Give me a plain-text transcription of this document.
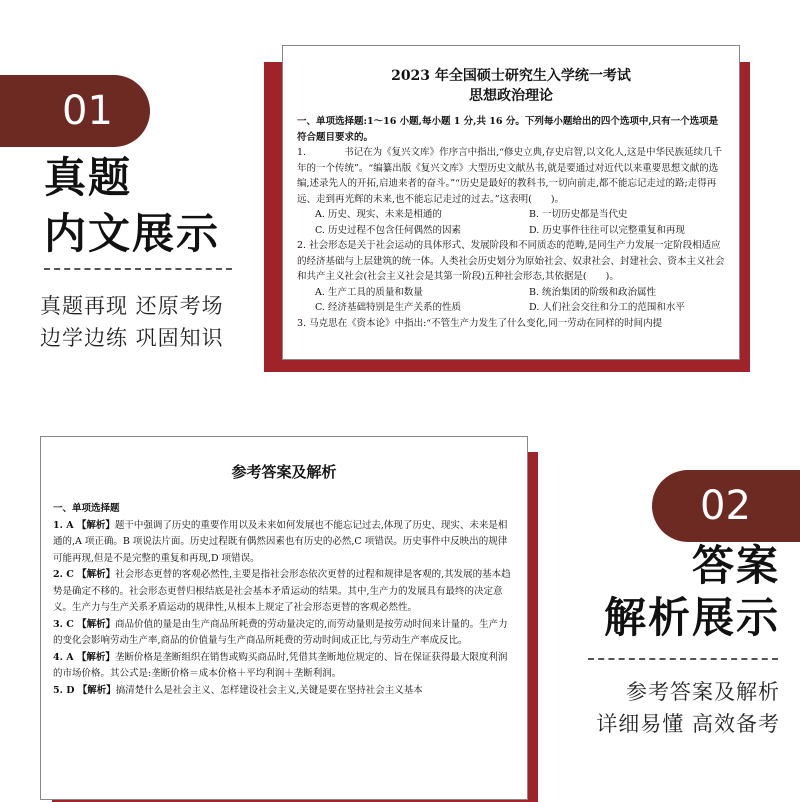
01
真题
内文展示
真题再现 还原考场
边学边练 巩固知识
2023 年全国硕士研究生入学统一考试
思想政治理论

一、单项选择题:1～16 小题,每小题 1 分,共 16 分。下列每小题给出的四个选项中,只有一个选项是符合题目要求的。

1.　　　　书记在为《复兴文库》作序言中指出,“修史立典,存史启智,以文化人,这是中华民族延续几千年的一个传统”。“编纂出版《复兴文库》大型历史文献丛书,就是要通过对近代以来重要思想文献的选编,述录先人的开拓,启迪来者的奋斗。”“历史是最好的教科书,一切向前走,都不能忘记走过的路;走得再远、走到再光辉的未来,也不能忘记走过的过去。”这表明(　　)。

A. 历史、现实、未来是相通的	B. 一切历史都是当代史
C. 历史过程不包含任何偶然的因素	D. 历史事件往往可以完整重复和再现

2. 社会形态是关于社会运动的具体形式、发展阶段和不同质态的范畴,是同生产力发展一定阶段相适应的经济基础与上层建筑的统一体。人类社会历史划分为原始社会、奴隶社会、封建社会、资本主义社会和共产主义社会(社会主义社会是其第一阶段)五种社会形态,其依据是(　　)。

A. 生产工具的质量和数量	B. 统治集团的阶级和政治属性
C. 经济基础特别是生产关系的性质	D. 人们社会交往和分工的范围和水平

3. 马克思在《资本论》中指出:“不管生产力发生了什么变化,同一劳动在同样的时间内提

参考答案及解析

一、单项选择题

1. A 【解析】题干中强调了历史的重要作用以及未来如何发展也不能忘记过去,体现了历史、现实、未来是相通的,A 项正确。B 项说法片面。历史过程既有偶然因素也有历史的必然,C 项错误。历史事件中反映出的规律可能再现,但是不是完整的重复和再现,D 项错误。

2. C 【解析】社会形态更替的客观必然性,主要是指社会形态依次更替的过程和规律是客观的,其发展的基本趋势是确定不移的。社会形态更替归根结底是社会基本矛盾运动的结果。其中,生产力的发展具有最终的决定意义。生产力与生产关系矛盾运动的规律性,从根本上规定了社会形态更替的客观必然性。

3. C 【解析】商品价值的量是由生产商品所耗费的劳动量决定的,而劳动量则是按劳动时间来计量的。生产力的变化会影响劳动生产率,商品的价值量与生产商品所耗费的劳动时间成正比,与劳动生产率成反比。

4. A 【解析】垄断价格是垄断组织在销售或购买商品时,凭借其垄断地位规定的、旨在保证获得最大限度利润的市场价格。其公式是:垄断价格＝成本价格＋平均利润＋垄断利润。

5. D 【解析】搞清楚什么是社会主义、怎样建设社会主义,关键是要在坚持社会主义基本

02
答案
解析展示
参考答案及解析
详细易懂 高效备考
